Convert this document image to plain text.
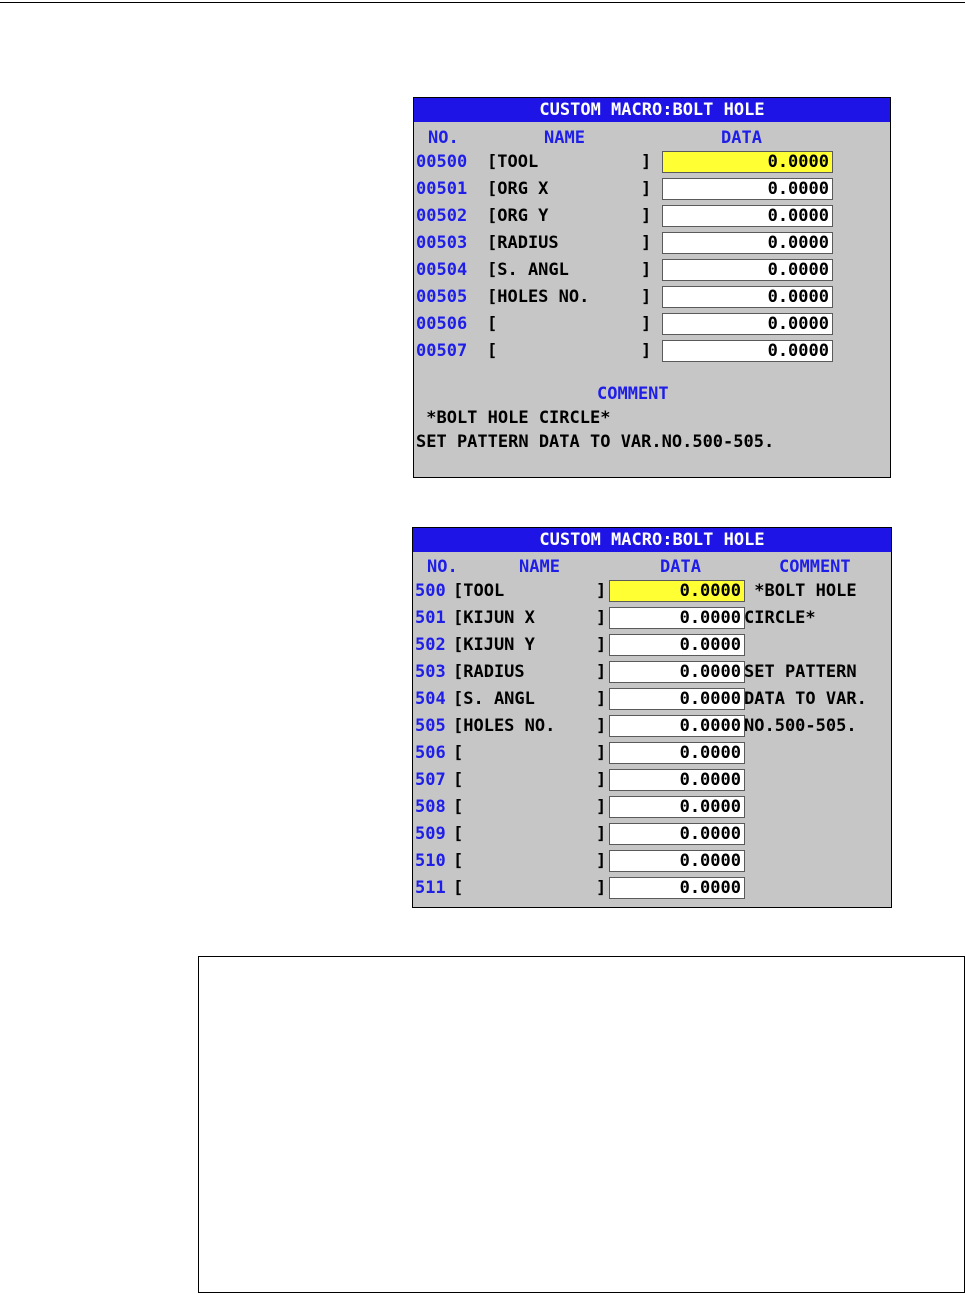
CUSTOM MACRO:BOLT HOLE
NO.	NAME	DATA
00500 [TOOL	]	0.0000
00501 [ORG X	]	0.0000
00502 [ORG Y	]	0.0000
00503 [RADIUS	]	0.0000
00504 [S. ANGL	]	0.0000
00505 [HOLES NO.	]	0.0000
00506 [	]	0.0000
00507 [	]	0.0000
COMMENT
*BOLT HOLE CIRCLE*
SET PATTERN DATA TO VAR.NO.500-505.
CUSTOM MACRO:BOLT HOLE
NO.	NAME	DATA	COMMENT
500 [TOOL	]	0.0000 *BOLT HOLE
501 [KIJUN X	]	0.0000 CIRCLE*
502 [KIJUN Y	]	0.0000
503 [RADIUS	]	0.0000 SET PATTERN
504 [S. ANGL	]	0.0000 DATA TO VAR.
505 [HOLES NO. ]	0.0000 NO.500-505.
506 [	]	0.0000
507 [	]	0.0000
508 [	]	0.0000
509 [	]	0.0000
510 [	]	0.0000
511 [	]	0.0000
